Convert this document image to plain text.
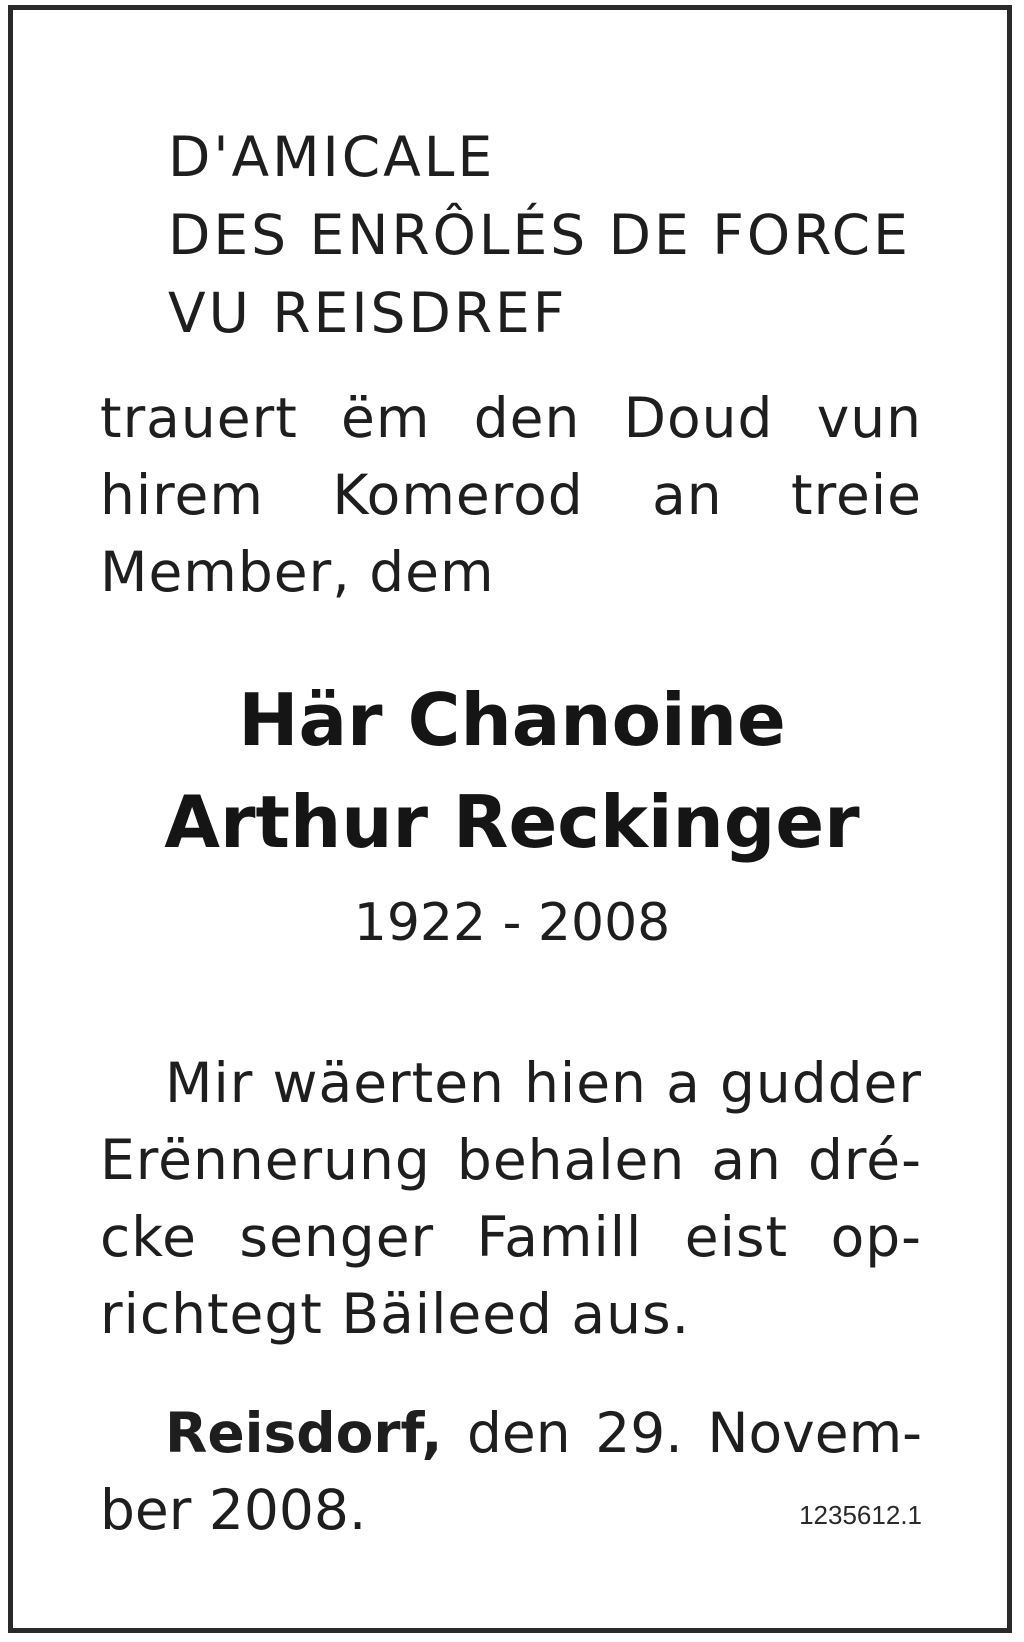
D'AMICALE
DES ENRÔLÉS DE FORCE
VU REISDREF
trauert ëm den Doud vun
hirem Komerod an treie
Member, dem
Här Chanoine
Arthur Reckinger
1922 - 2008
Mir wäerten hien a gudder
Erënnerung behalen an dré-
cke senger Famill eist op-
richtegt Bäileed aus.
Reisdorf, den 29. Novem-
ber 2008.	1235612.1
